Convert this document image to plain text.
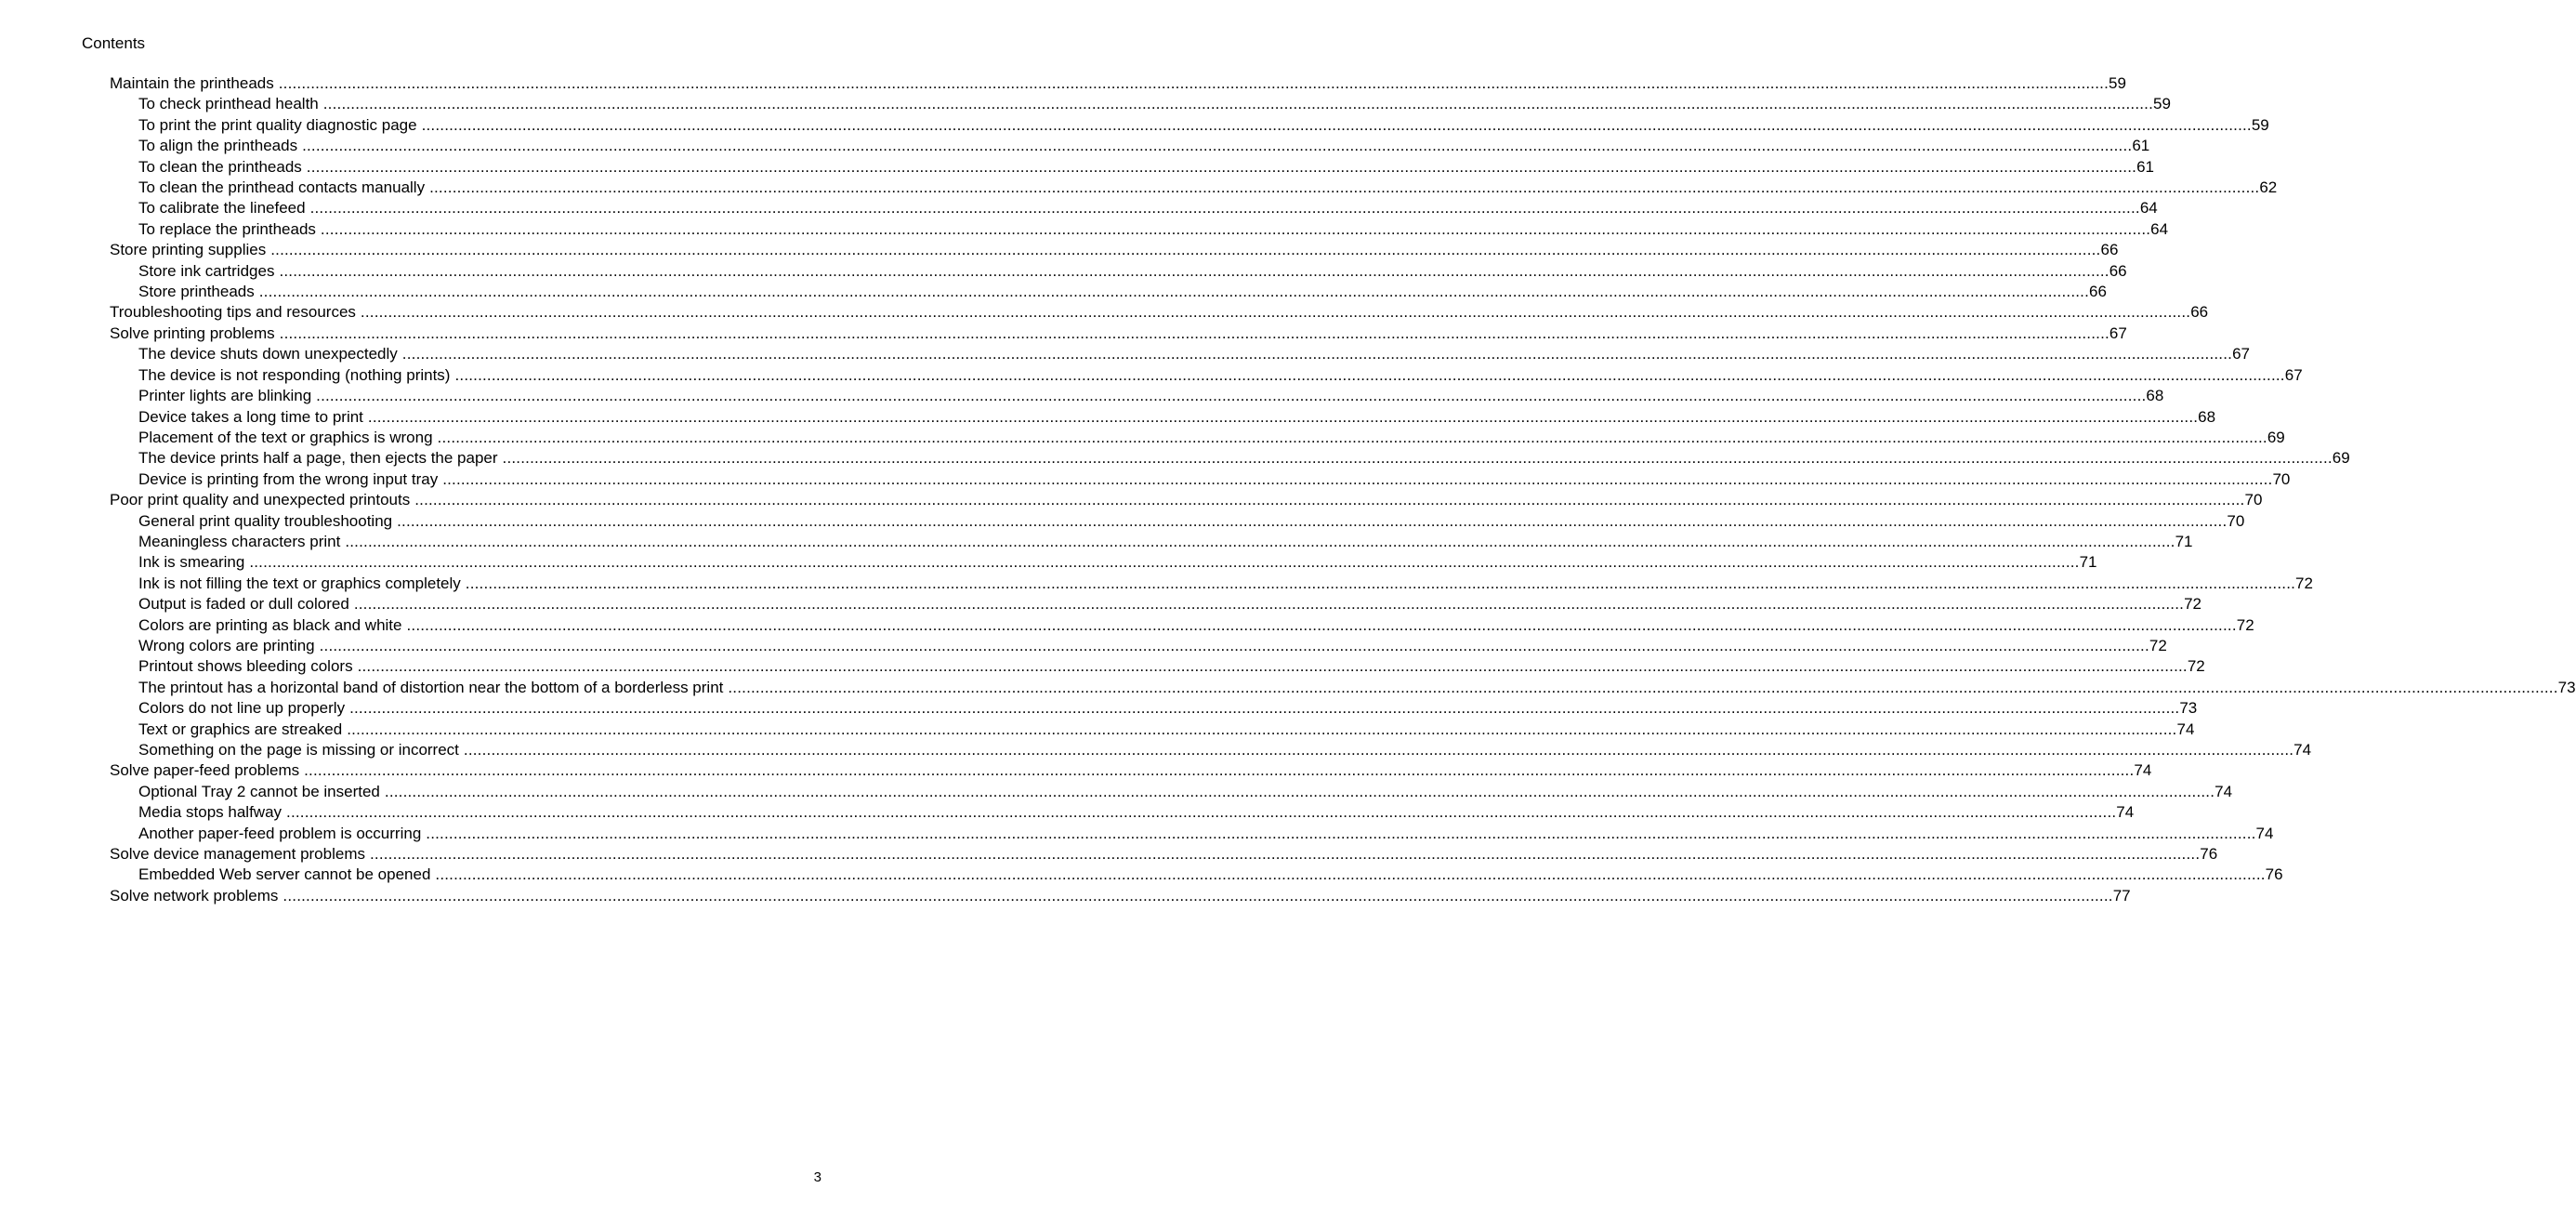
Contents
Maintain the printheads ................................................................................................................................................................................................................................................................................................................................................................................................................ 59
To check printhead health ................................................................................................................................................................................................................................................................................................................................................................................................................ 59
To print the print quality diagnostic page ................................................................................................................................................................................................................................................................................................................................................................................................................ 59
To align the printheads ................................................................................................................................................................................................................................................................................................................................................................................................................ 61
To clean the printheads ................................................................................................................................................................................................................................................................................................................................................................................................................ 61
To clean the printhead contacts manually ................................................................................................................................................................................................................................................................................................................................................................................................................ 62
To calibrate the linefeed ................................................................................................................................................................................................................................................................................................................................................................................................................ 64
To replace the printheads ................................................................................................................................................................................................................................................................................................................................................................................................................ 64
Store printing supplies ................................................................................................................................................................................................................................................................................................................................................................................................................ 66
Store ink cartridges ................................................................................................................................................................................................................................................................................................................................................................................................................ 66
Store printheads ................................................................................................................................................................................................................................................................................................................................................................................................................ 66
Troubleshooting tips and resources ................................................................................................................................................................................................................................................................................................................................................................................................................ 66
Solve printing problems ................................................................................................................................................................................................................................................................................................................................................................................................................ 67
The device shuts down unexpectedly ................................................................................................................................................................................................................................................................................................................................................................................................................ 67
The device is not responding (nothing prints) ................................................................................................................................................................................................................................................................................................................................................................................................................ 67
Printer lights are blinking ................................................................................................................................................................................................................................................................................................................................................................................................................ 68
Device takes a long time to print ................................................................................................................................................................................................................................................................................................................................................................................................................ 68
Placement of the text or graphics is wrong ................................................................................................................................................................................................................................................................................................................................................................................................................ 69
The device prints half a page, then ejects the paper ................................................................................................................................................................................................................................................................................................................................................................................................................ 69
Device is printing from the wrong input tray ................................................................................................................................................................................................................................................................................................................................................................................................................ 70
Poor print quality and unexpected printouts ................................................................................................................................................................................................................................................................................................................................................................................................................ 70
General print quality troubleshooting ................................................................................................................................................................................................................................................................................................................................................................................................................ 70
Meaningless characters print ................................................................................................................................................................................................................................................................................................................................................................................................................ 71
Ink is smearing ................................................................................................................................................................................................................................................................................................................................................................................................................ 71
Ink is not filling the text or graphics completely ................................................................................................................................................................................................................................................................................................................................................................................................................ 72
Output is faded or dull colored ................................................................................................................................................................................................................................................................................................................................................................................................................ 72
Colors are printing as black and white ................................................................................................................................................................................................................................................................................................................................................................................................................ 72
Wrong colors are printing ................................................................................................................................................................................................................................................................................................................................................................................................................ 72
Printout shows bleeding colors ................................................................................................................................................................................................................................................................................................................................................................................................................ 72
The printout has a horizontal band of distortion near the bottom of a borderless print ................................................................................................................................................................................................................................................................................................................................................................................................................ 73
Colors do not line up properly ................................................................................................................................................................................................................................................................................................................................................................................................................ 73
Text or graphics are streaked ................................................................................................................................................................................................................................................................................................................................................................................................................ 74
Something on the page is missing or incorrect ................................................................................................................................................................................................................................................................................................................................................................................................................ 74
Solve paper-feed problems ................................................................................................................................................................................................................................................................................................................................................................................................................ 74
Optional Tray 2 cannot be inserted ................................................................................................................................................................................................................................................................................................................................................................................................................ 74
Media stops halfway ................................................................................................................................................................................................................................................................................................................................................................................................................ 74
Another paper-feed problem is occurring ................................................................................................................................................................................................................................................................................................................................................................................................................ 74
Solve device management problems ................................................................................................................................................................................................................................................................................................................................................................................................................ 76
Embedded Web server cannot be opened ................................................................................................................................................................................................................................................................................................................................................................................................................ 76
Solve network problems ................................................................................................................................................................................................................................................................................................................................................................................................................ 77
3
